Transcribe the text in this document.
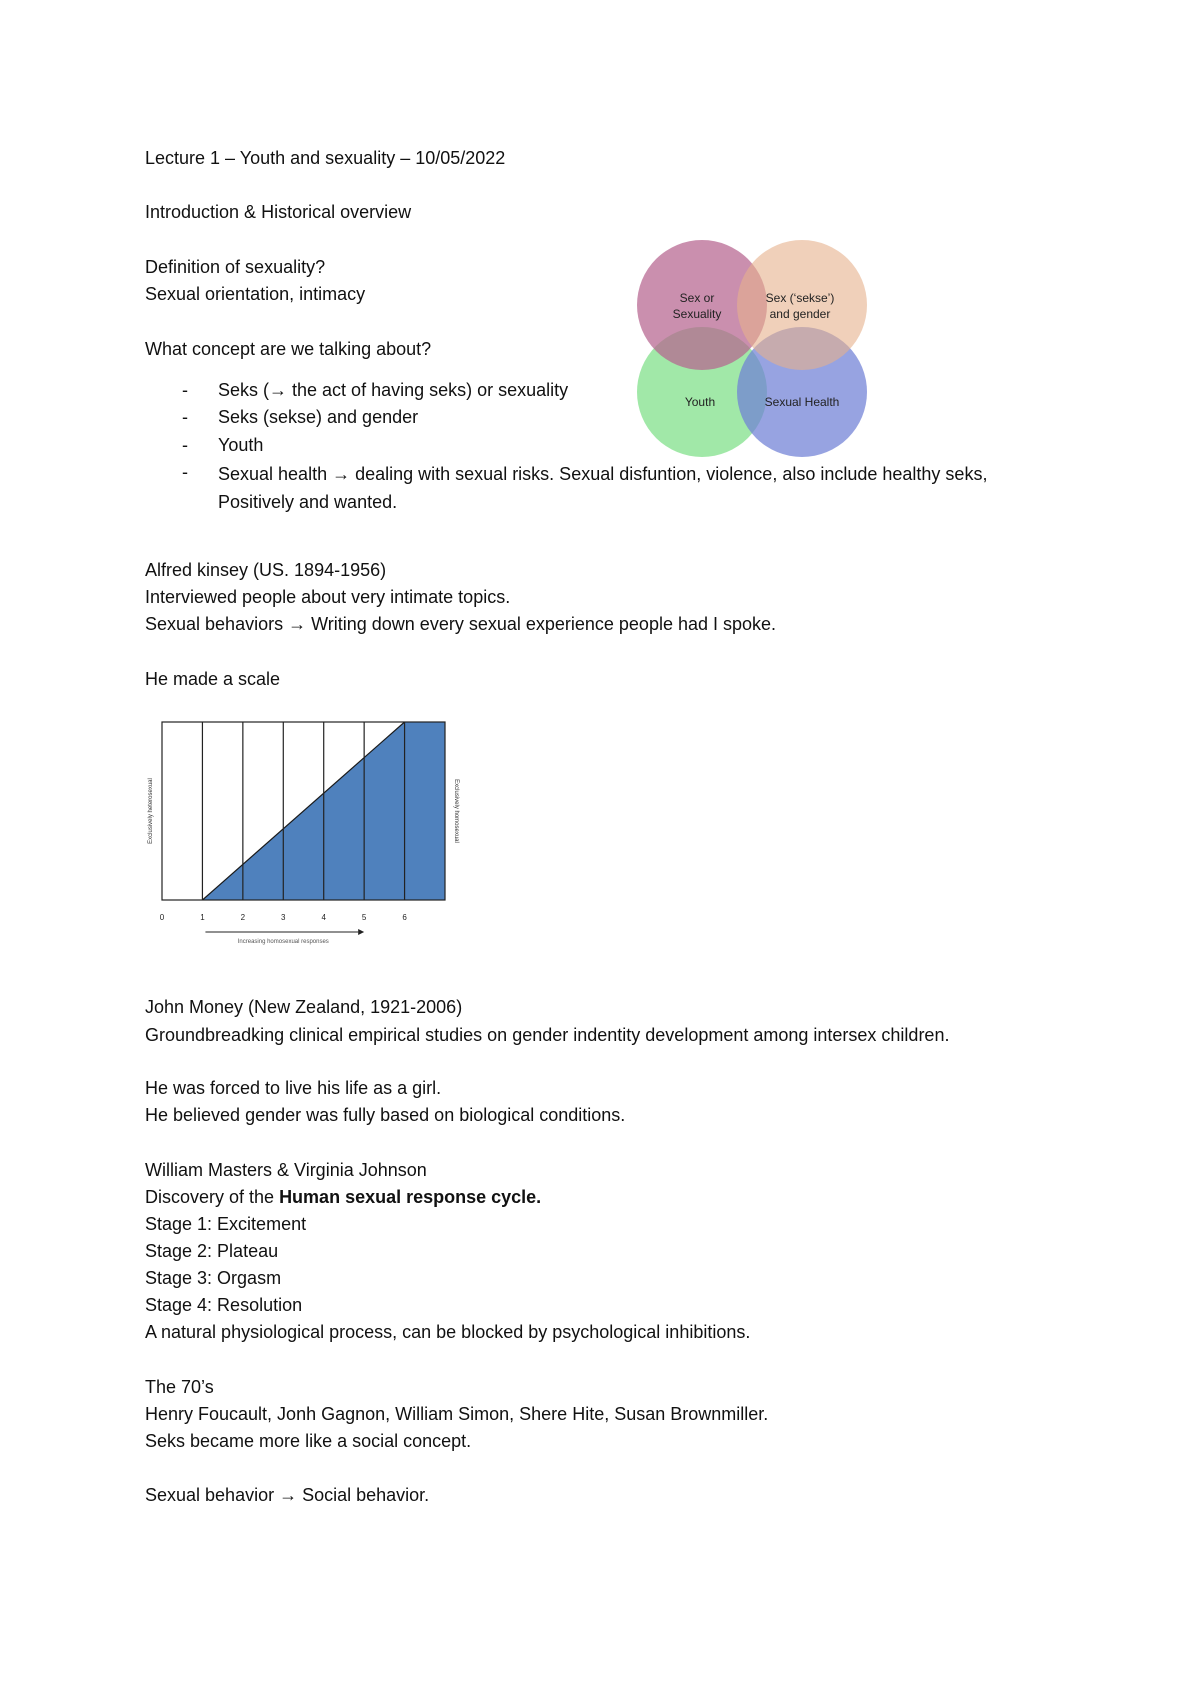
Lecture 1 – Youth and sexuality – 10/05/2022
Introduction & Historical overview
Definition of sexuality?
Sexual orientation, intimacy
What concept are we talking about?
- Seks (→ the act of having seks) or sexuality
- Seks (sekse) and gender
- Youth
- Sexual health → dealing with sexual risks. Sexual disfuntion, violence, also include healthy seks, Positively and wanted.
Sex or
Sexuality
Sex (‘sekse’)
and gender
Youth	Sexual Health
Alfred kinsey (US. 1894-1956)
Interviewed people about very intimate topics.
Sexual behaviors → Writing down every sexual experience people had I spoke.
He made a scale
0	1	2	3	4	5	6
Increasing homosexual responses
Exclusively heterosexual	Exclusively homosexual
John Money (New Zealand, 1921-2006)
Groundbreadking clinical empirical studies on gender indentity development among intersex children.
He was forced to live his life as a girl.
He believed gender was fully based on biological conditions.
William Masters & Virginia Johnson
Discovery of the Human sexual response cycle.
Stage 1: Excitement
Stage 2: Plateau
Stage 3: Orgasm
Stage 4: Resolution
A natural physiological process, can be blocked by psychological inhibitions.
The 70’s
Henry Foucault, Jonh Gagnon, William Simon, Shere Hite, Susan Brownmiller.
Seks became more like a social concept.
Sexual behavior → Social behavior.
